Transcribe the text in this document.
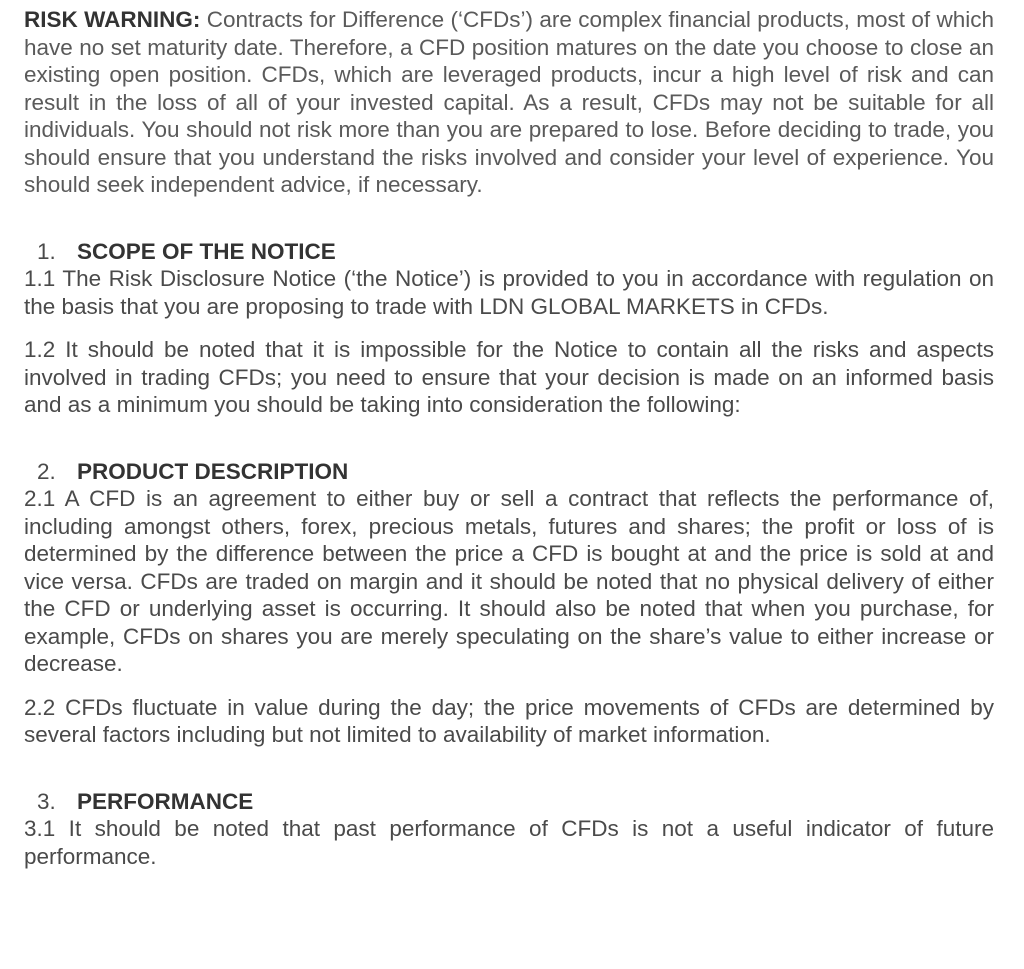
RISK WARNING: Contracts for Difference (‘CFDs’) are complex financial products, most of which have no set maturity date. Therefore, a CFD position matures on the date you choose to close an existing open position. CFDs, which are leveraged products, incur a high level of risk and can result in the loss of all of your invested capital. As a result, CFDs may not be suitable for all individuals. You should not risk more than you are prepared to lose. Before deciding to trade, you should ensure that you understand the risks involved and consider your level of experience. You should seek independent advice, if necessary.

1. SCOPE OF THE NOTICE

1.1 The Risk Disclosure Notice (‘the Notice’) is provided to you in accordance with regulation on the basis that you are proposing to trade with LDN GLOBAL MARKETS in CFDs.

1.2 It should be noted that it is impossible for the Notice to contain all the risks and aspects involved in trading CFDs; you need to ensure that your decision is made on an informed basis and as a minimum you should be taking into consideration the following:

2. PRODUCT DESCRIPTION

2.1 A CFD is an agreement to either buy or sell a contract that reflects the performance of, including amongst others, forex, precious metals, futures and shares; the profit or loss of is determined by the difference between the price a CFD is bought at and the price is sold at and vice versa. CFDs are traded on margin and it should be noted that no physical delivery of either the CFD or underlying asset is occurring. It should also be noted that when you purchase, for example, CFDs on shares you are merely speculating on the share’s value to either increase or decrease.

2.2 CFDs fluctuate in value during the day; the price movements of CFDs are determined by several factors including but not limited to availability of market information.

3. PERFORMANCE

3.1 It should be noted that past performance of CFDs is not a useful indicator of future performance.
